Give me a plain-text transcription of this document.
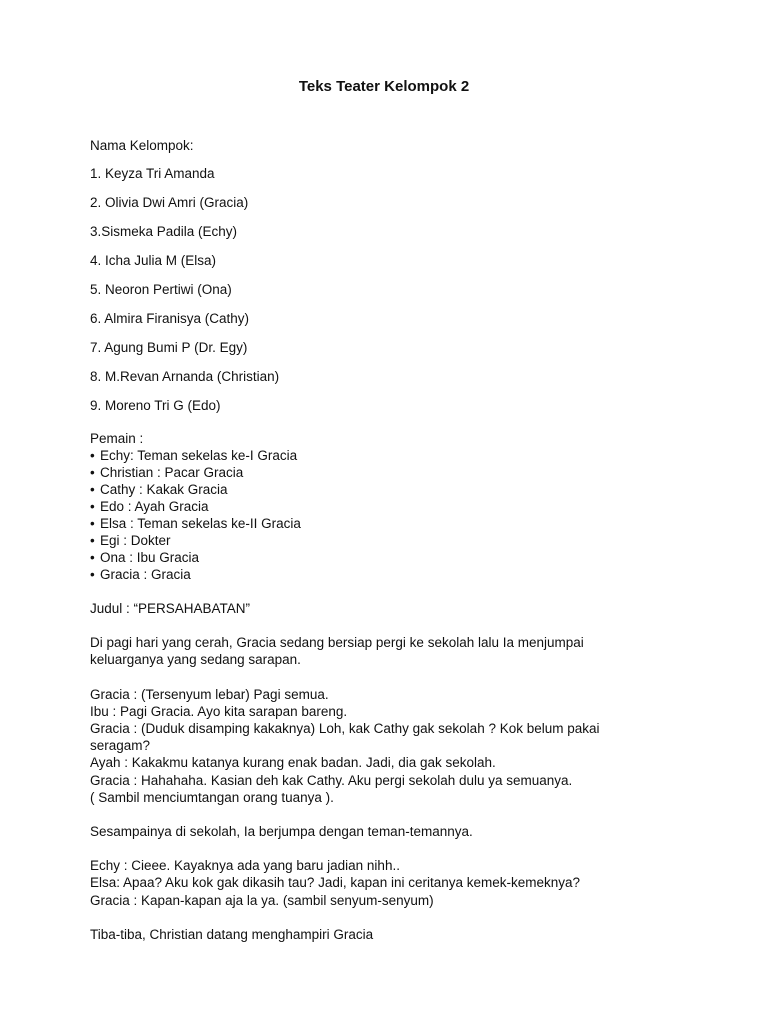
Teks Teater Kelompok 2
Nama Kelompok:
1. Keyza Tri Amanda
2. Olivia Dwi Amri (Gracia)
3.Sismeka Padila (Echy)
4. Icha Julia M (Elsa)
5. Neoron Pertiwi (Ona)
6. Almira Firanisya (Cathy)
7. Agung Bumi P (Dr. Egy)
8. M.Revan Arnanda (Christian)
9. Moreno Tri G (Edo)
Pemain :
• Echy: Teman sekelas ke-I Gracia
• Christian : Pacar Gracia
• Cathy : Kakak Gracia
• Edo : Ayah Gracia
• Elsa : Teman sekelas ke-II Gracia
• Egi : Dokter
• Ona : Ibu Gracia
• Gracia : Gracia

Judul : “PERSAHABATAN”

Di pagi hari yang cerah, Gracia sedang bersiap pergi ke sekolah lalu Ia menjumpai
keluarganya yang sedang sarapan.
Gracia : (Tersenyum lebar) Pagi semua.
Ibu : Pagi Gracia. Ayo kita sarapan bareng.
Gracia : (Duduk disamping kakaknya) Loh, kak Cathy gak sekolah ? Kok belum pakai
seragam?
Ayah : Kakakmu katanya kurang enak badan. Jadi, dia gak sekolah.
Gracia : Hahahaha. Kasian deh kak Cathy. Aku pergi sekolah dulu ya semuanya.
( Sambil menciumtangan orang tuanya ).

Sesampainya di sekolah, Ia berjumpa dengan teman-temannya.

Echy : Cieee. Kayaknya ada yang baru jadian nihh..
Elsa: Apaa? Aku kok gak dikasih tau? Jadi, kapan ini ceritanya kemek-kemeknya?
Gracia : Kapan-kapan aja la ya. (sambil senyum-senyum)

Tiba-tiba, Christian datang menghampiri Gracia
